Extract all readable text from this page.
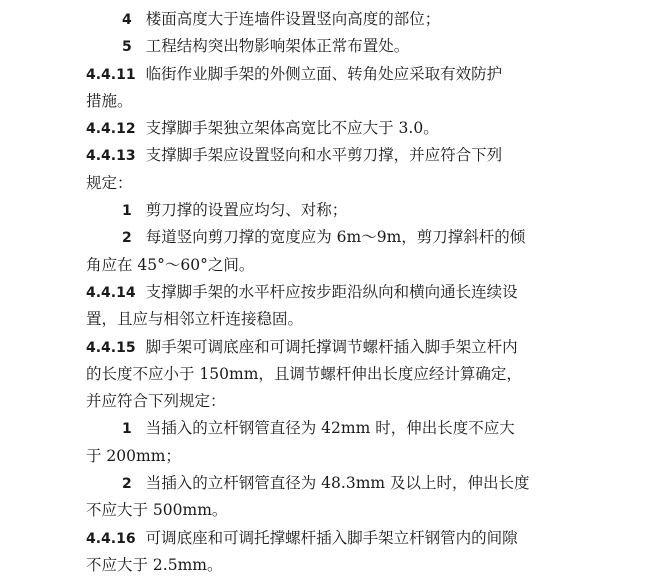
4 楼面高度大于连墙件设置竖向高度的部位；
5 工程结构突出物影响架体正常布置处。
4.4.11 临街作业脚手架的外侧立面、转角处应采取有效防护
措施。
4.4.12 支撑脚手架独立架体高宽比不应大于 3.0。
4.4.13 支撑脚手架应设置竖向和水平剪刀撑，并应符合下列
规定：
1 剪刀撑的设置应均匀、对称；
2 每道竖向剪刀撑的宽度应为 6m～9m，剪刀撑斜杆的倾
角应在 45°～60°之间。
4.4.14 支撑脚手架的水平杆应按步距沿纵向和横向通长连续设
置，且应与相邻立杆连接稳固。
4.4.15 脚手架可调底座和可调托撑调节螺杆插入脚手架立杆内
的长度不应小于 150mm，且调节螺杆伸出长度应经计算确定，
并应符合下列规定：
1 当插入的立杆钢管直径为 42mm 时，伸出长度不应大
于 200mm；
2 当插入的立杆钢管直径为 48.3mm 及以上时，伸出长度
不应大于 500mm。
4.4.16 可调底座和可调托撑螺杆插入脚手架立杆钢管内的间隙
不应大于 2.5mm。
